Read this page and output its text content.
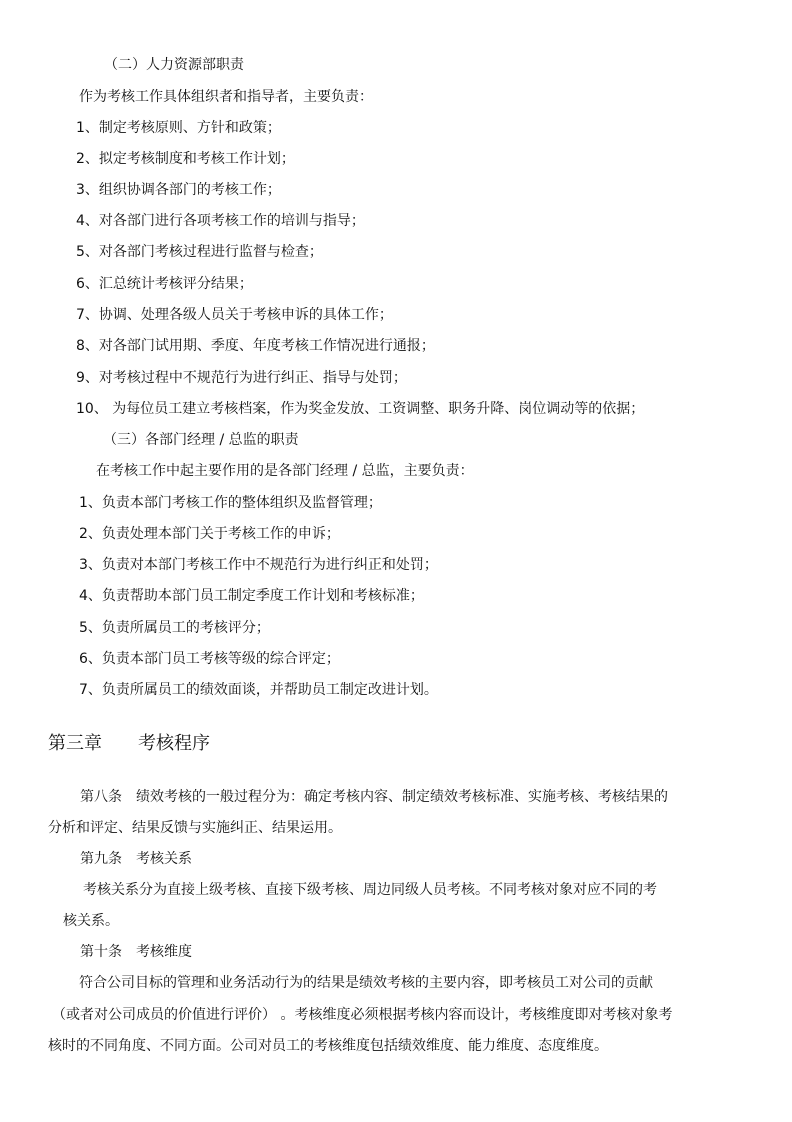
（二）人力资源部职责
作为考核工作具体组织者和指导者，主要负责：
1、制定考核原则、方针和政策；
2、拟定考核制度和考核工作计划；
3、组织协调各部门的考核工作；
4、对各部门进行各项考核工作的培训与指导；
5、对各部门考核过程进行监督与检查；
6、汇总统计考核评分结果；
7、协调、处理各级人员关于考核申诉的具体工作；
8、对各部门试用期、季度、年度考核工作情况进行通报；
9、对考核过程中不规范行为进行纠正、指导与处罚；
10、 为每位员工建立考核档案，作为奖金发放、工资调整、职务升降、岗位调动等的依据；
（三）各部门经理 / 总监的职责
在考核工作中起主要作用的是各部门经理 / 总监，主要负责：
1、负责本部门考核工作的整体组织及监督管理；
2、负责处理本部门关于考核工作的申诉；
3、负责对本部门考核工作中不规范行为进行纠正和处罚；
4、负责帮助本部门员工制定季度工作计划和考核标准；
5、负责所属员工的考核评分；
6、负责本部门员工考核等级的综合评定；
7、负责所属员工的绩效面谈，并帮助员工制定改进计划。
第三章　　考核程序
第八条　绩效考核的一般过程分为：确定考核内容、制定绩效考核标准、实施考核、考核结果的
分析和评定、结果反馈与实施纠正、结果运用。
第九条　考核关系
考核关系分为直接上级考核、直接下级考核、周边同级人员考核。不同考核对象对应不同的考
核关系。
第十条　考核维度
符合公司目标的管理和业务活动行为的结果是绩效考核的主要内容，即考核员工对公司的贡献
（或者对公司成员的价值进行评价） 。考核维度必须根据考核内容而设计，考核维度即对考核对象考
核时的不同角度、不同方面。公司对员工的考核维度包括绩效维度、能力维度、态度维度。
